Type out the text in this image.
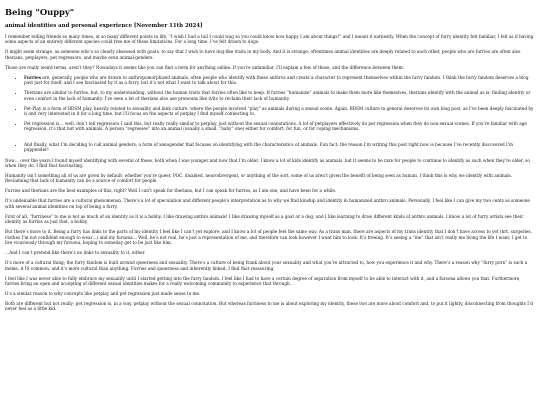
Being "Ouppy"
animal identities and personal experience [November 11th 2024]

I remember telling friends so many times, at so many different points in life, “I wish I had a tail I could wag so you could know how happy I am about things!” and I meant it earnestly. When the concept of furry identity felt familiar, I felt as if having some aspects of an entirely different species could free me of these limitations. For a long time, I’ve felt drawn to dogs.

It might seem strange, as someone who’s so clearly obsessed with goats, to say that I wish to have dog-like traits in my body. And it is strange; oftentimes animal identities are deeply related to each other, people who are furries are often also therians, petplayers, pet regressors, and maybe even animal-genders.

Those are really weird terms, aren’t they? Nowadays it seems like you can find a term for anything online. If you’re unfamiliar, I’ll explain a few of these, and the difference between them:

• Furries are, generally, people who are drawn to anthropomorphized animals, often people who identify with these anthros and create a character to represent themselves within the furry fandom. I think the furry fandom deserves a blog post just for itself, and I see fascinated by it as a furry, but it’s not what I want to talk about for this.
• Therians are similar to furries, but, to my understanding, without the human traits that furries often like to keep. If furries “humanize” animals to make them more like themselves, therians identify with the animal as is; finding identity or even comfort in the lack of humanity. I’ve seen a lot of therians also use pronouns like it/its to reclaim their lack of humanity.
• Pet-Play is a form of BDSM play, heavily related to sexuality and kink culture, where the people involved “play” as animals during a sexual scene. Again, BDSM culture in general deserves its own blog post, as I’ve been deeply fascinated by it and very interested in it for a long time, but I’ll focus on the aspects of petplay I find myself connecting to.
• Pet regression is… well, don’t tell regressors I said this, but really really similar to petplay, just without the sexual connotations. A lot of petplayers effectively do pet regression when they do non-sexual scenes. If you’re familiar with age regression, it’s that but with animals. A person “regresses” into an animal (usually a small, “baby” one) either for comfort, for fun, or for coping mechanisms.
• And finally, what I’m deciding to call animal genders; a form of xenogender that focuses on identifying with the characteristics of animals. Fun fact: the reason I’m writing this post right now is because I’ve recently discovered I’m puppender!

Now… over the years I found myself identifying with several of these, both when I was younger and now that I’m older. I know a lot of kids identify as animals, but it seems to be rare for people to continue to identify as such when they’re older, so when they do, I find that fascinating.

Humanity isn’t something all of us are given by default; whether you’re queer, POC, disabled, neurodivergent, or anything of the sort, some of us aren’t given the benefit of being seen as human. I think this is why we identify with animals. Reclaiming that lack of humanity can be a source of comfort for people.

Furries and therians are the best examples of this, right? Well I can’t speak for therians, but I can speak for furries, as I am one, and have been for a while.

It’s undeniable that furries are a cultural phenomenon. There’s a lot of speculation and different people’s interpretation as to why we find kinship and identity in humanized anthro animals. Personally, I feel like I can give my two cents as someone with several animal identities on top of being a furry.

First of all, “furriness” to me is not as much of an identity as it is a hobby. I like drawing anthro animals! I like drawing myself as a goat or a dog, and I like learning to draw different kinds of anthro animals. I know a lot of furry artists see their identity as furries as just that, a hobby.

But there’s more to it. Being a furry has links to the parts of my identity I feel like I can’t yet explore, and I know a lot of people feel the same way. As a trans man, there are aspects of my trans identity that I don’t have access to yet (hrt, surgeries, clothes I’m not confident enough to wear…) and my fursona… Well, he’s not real, he’s just a representation of me, and therefore can look however I want him to look. It’s freeing. It’s seeing a “me” that isn’t really me living the life I want; I get to live vicariously through my fursona, hoping to someday get to be just like him.

…And I can’t pretend like there’s no links to sexuality to it, either.

It’s more of a cultural thing; the furry fandom is built around queerness and sexuality. There’s a culture of being frank about your sexuality and what you’re attracted to, how you experience it and why. There’s a reason why “furry porn” is such a meme, it IS common, and it’s more cultural than anything. Furries and queerness and inherently linked, I find that reassuring.

I feel like I was never able to fully embrace my sexuality until I started getting into the furry fandom. I feel like I had to have a certain degree of separation from myself to be able to interact with it, and a fursona allows you that. Furthermore, furries bring an open and accepting of different sexual identities makes for a really welcoming community to experience that through.

It’s a similar reason to why concepts like petplay and pet regression just made sense to me.

Both are different but not really; pet regression is, in a way, petplay without the sexual connotation. But whereas furriness to me is about exploring my identity, these two are more about comfort and, to put it lightly, disconnecting from thoughts I’d never feel as a little kid.
